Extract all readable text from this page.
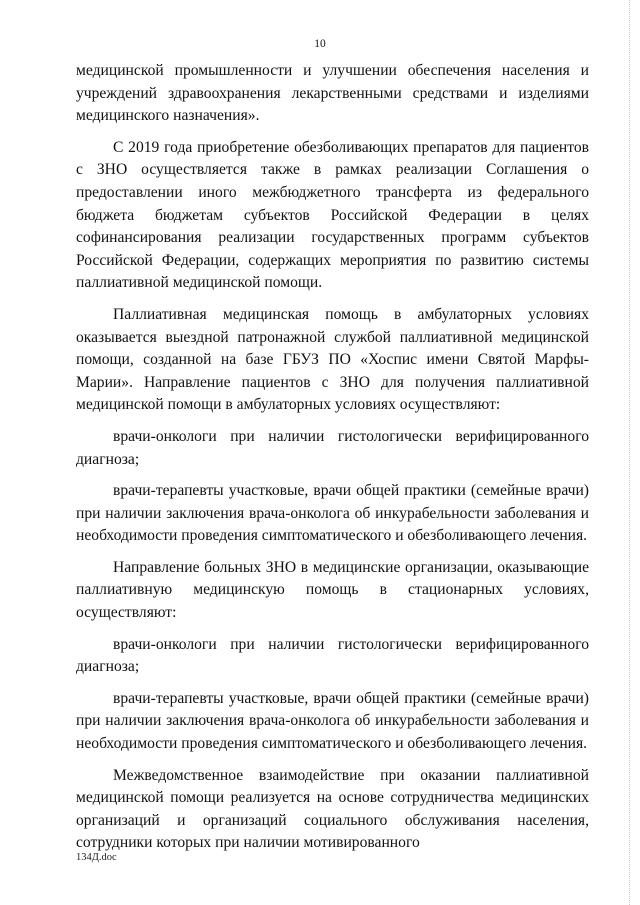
10

медицинской промышленности и улучшении обеспечения населения и учреждений здравоохранения лекарственными средствами и изделиями медицинского назначения».

С 2019 года приобретение обезболивающих препаратов для пациентов с ЗНО осуществляется также в рамках реализации Соглашения о предоставлении иного межбюджетного трансферта из федерального бюджета бюджетам субъектов Российской Федерации в целях софинансирования реализации государственных программ субъектов Российской Федерации, содержащих мероприятия по развитию системы паллиативной медицинской помощи.

Паллиативная медицинская помощь в амбулаторных условиях оказывается выездной патронажной службой паллиативной медицинской помощи, созданной на базе ГБУЗ ПО «Хоспис имени Святой Марфы-Марии». Направление пациентов с ЗНО для получения паллиативной медицинской помощи в амбулаторных условиях осуществляют:

врачи-онкологи при наличии гистологически верифицированного диагноза;

врачи-терапевты участковые, врачи общей практики (семейные врачи) при наличии заключения врача-онколога об инкурабельности заболевания и необходимости проведения симптоматического и обезболивающего лечения.

Направление больных ЗНО в медицинские организации, оказывающие паллиативную медицинскую помощь в стационарных условиях, осуществляют:

врачи-онкологи при наличии гистологически верифицированного диагноза;

врачи-терапевты участковые, врачи общей практики (семейные врачи) при наличии заключения врача-онколога об инкурабельности заболевания и необходимости проведения симптоматического и обезболивающего лечения.

Межведомственное взаимодействие при оказании паллиативной медицинской помощи реализуется на основе сотрудничества медицинских организаций и организаций социального обслуживания населения, сотрудники которых при наличии мотивированного

134Д.doc
